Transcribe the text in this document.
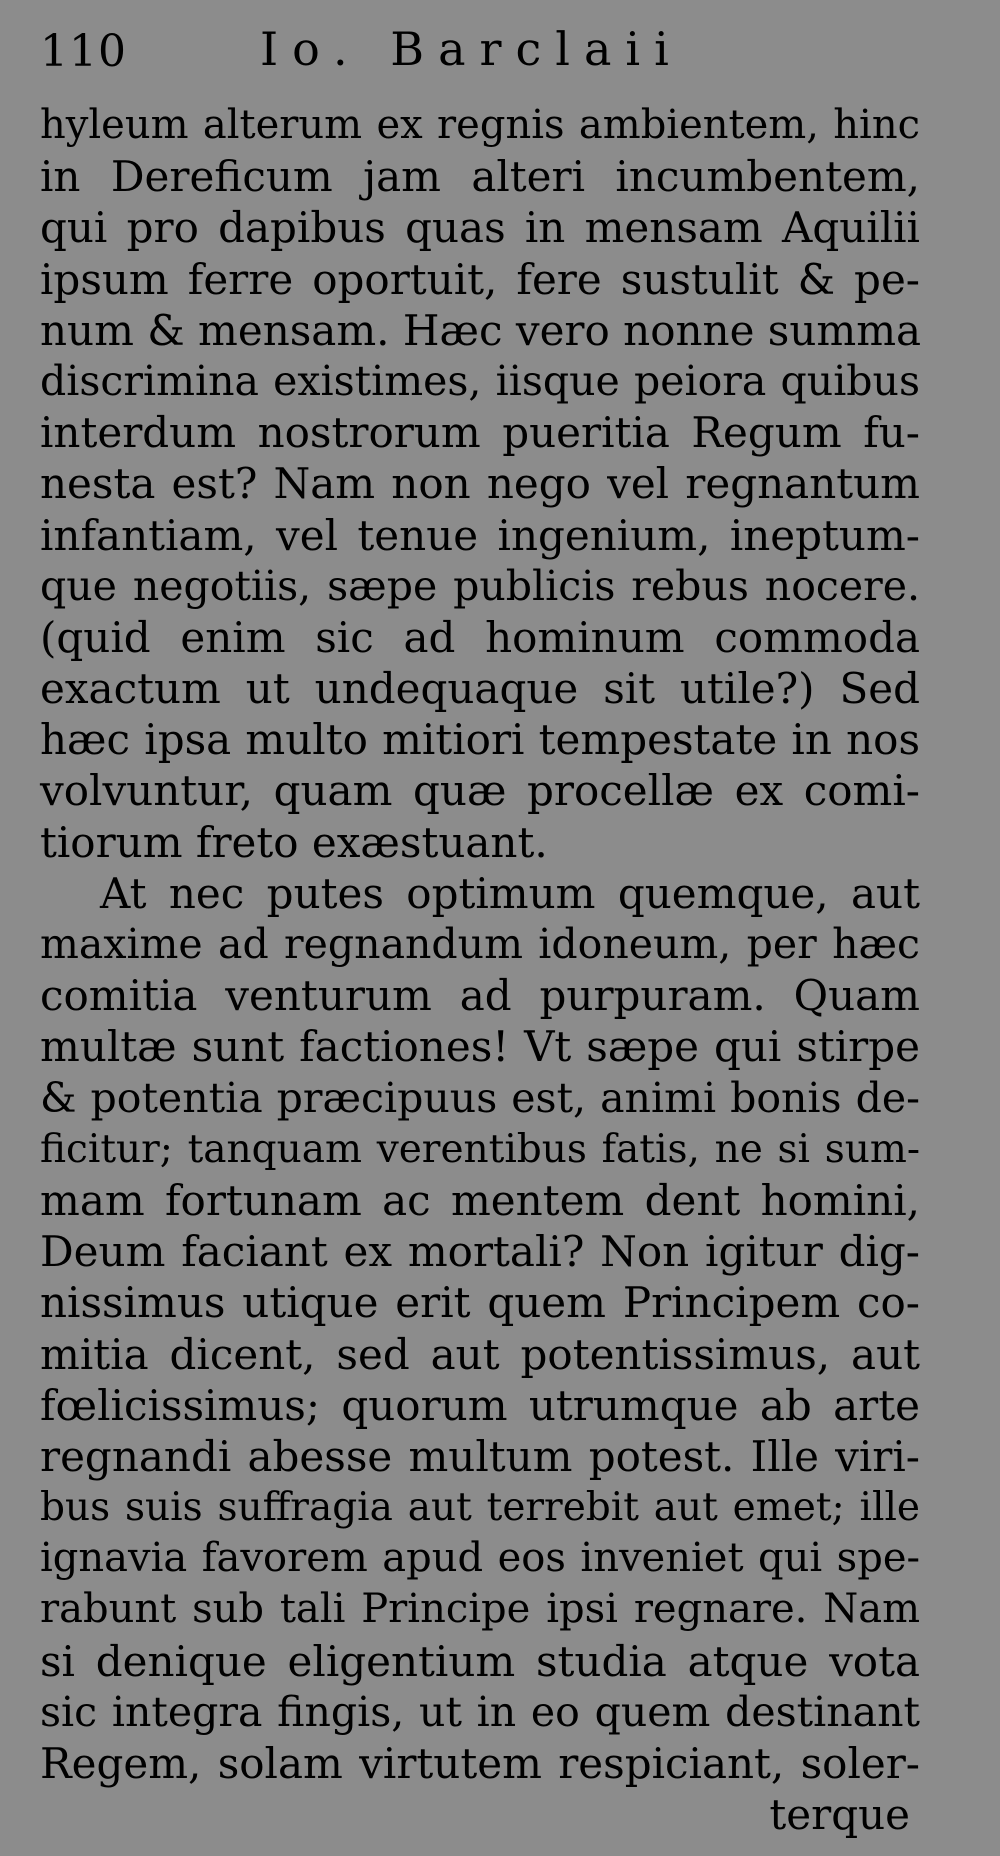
110	Io. Barclaii
hyleum alterum ex regnis ambientem, hinc
in Dereficum jam alteri incumbentem,
qui pro dapibus quas in mensam Aquilii
ipsum ferre oportuit, fere sustulit & pe-
num & mensam. Hæc vero nonne summa
discrimina existimes, iisque peiora quibus
interdum nostrorum pueritia Regum fu-
nesta est? Nam non nego vel regnantum
infantiam, vel tenue ingenium, ineptum-
que negotiis, sæpe publicis rebus nocere.
(quid enim sic ad hominum commoda
exactum ut undequaque sit utile?) Sed
hæc ipsa multo mitiori tempestate in nos
volvuntur, quam quæ procellæ ex comi-
tiorum freto exæstuant.
At nec putes optimum quemque, aut
maxime ad regnandum idoneum, per hæc
comitia venturum ad purpuram. Quam
multæ sunt factiones! Vt sæpe qui stirpe
& potentia præcipuus est, animi bonis de-
ficitur; tanquam verentibus fatis, ne si sum-
mam fortunam ac mentem dent homini,
Deum faciant ex mortali? Non igitur dig-
nissimus utique erit quem Principem co-
mitia dicent, sed aut potentissimus, aut
fœlicissimus; quorum utrumque ab arte
regnandi abesse multum potest. Ille viri-
bus suis suffragia aut terrebit aut emet; ille
ignavia favorem apud eos inveniet qui spe-
rabunt sub tali Principe ipsi regnare. Nam
si denique eligentium studia atque vota
sic integra fingis, ut in eo quem destinant
Regem, solam virtutem respiciant, soler-
terque
